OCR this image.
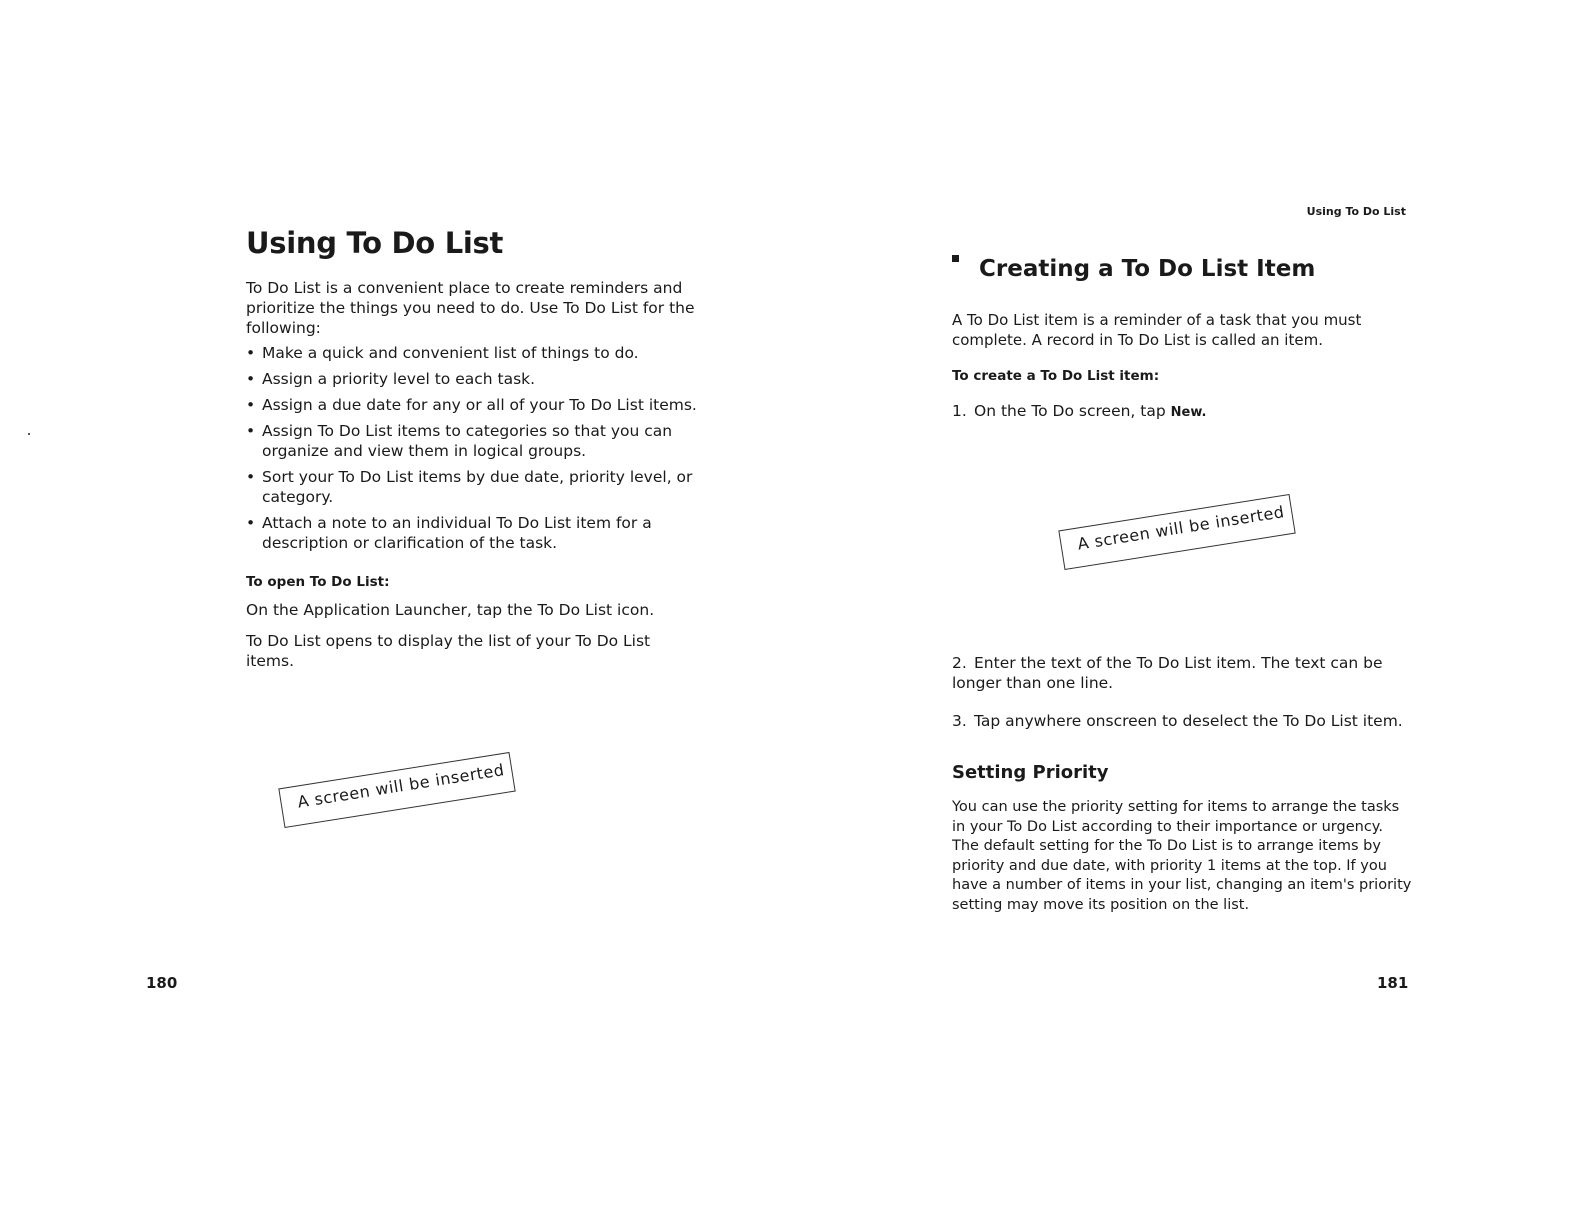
Using To Do List

To Do List is a convenient place to create reminders and prioritize the things you need to do. Use To Do List for the following:

• Make a quick and convenient list of things to do.
• Assign a priority level to each task.
• Assign a due date for any or all of your To Do List items.
• Assign To Do List items to categories so that you can organize and view them in logical groups.
• Sort your To Do List items by due date, priority level, or category.
• Attach a note to an individual To Do List item for a description or clarification of the task.

To open To Do List:

On the Application Launcher, tap the To Do List icon.

To Do List opens to display the list of your To Do List items.

A screen will be inserted

180

Using To Do List

Creating a To Do List Item

A To Do List item is a reminder of a task that you must complete. A record in To Do List is called an item.

To create a To Do List item:

1. On the To Do screen, tap New.

A screen will be inserted

2. Enter the text of the To Do List item. The text can be longer than one line.

3. Tap anywhere onscreen to deselect the To Do List item.

Setting Priority

You can use the priority setting for items to arrange the tasks in your To Do List according to their importance or urgency. The default setting for the To Do List is to arrange items by priority and due date, with priority 1 items at the top. If you have a number of items in your list, changing an item's priority setting may move its position on the list.

181
